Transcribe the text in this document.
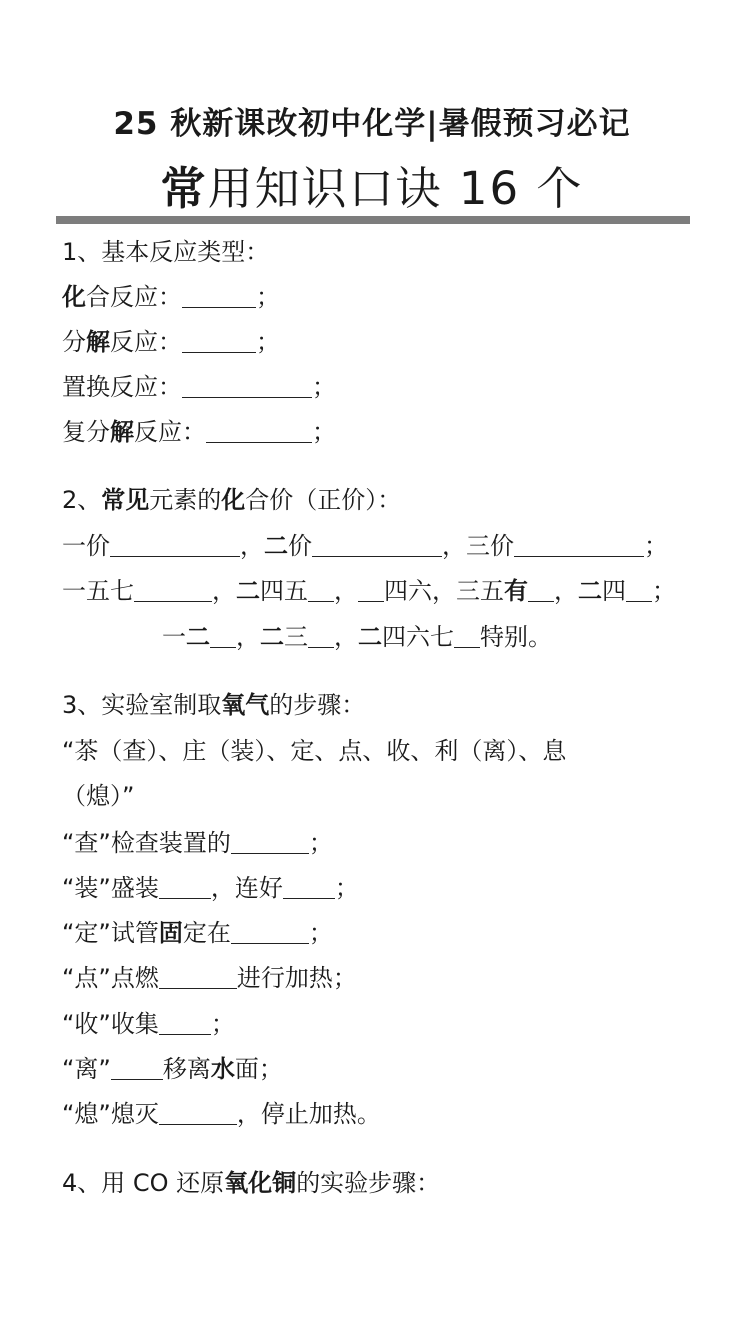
25 秋新课改初中化学|暑假预习必记
常用知识口诀 16 个
1、基本反应类型：
化合反应：	；
分解反应：	；
置换反应：	；
复分解反应：	；
2、常见元素的化合价（正价）：
一价	，二价	，三价	；
一五七	，二四五 ， 四六，三五有 ，二四 ；
一二 ，二三 ，二四六七 特别。
3、实验室制取氧气的步骤：
“茶（查）、庄（装）、定、点、收、利（离）、息
（熄）”
“查”检查装置的	；
“装”盛装 ，连好 ；
“定”试管固定在	；
“点”点燃	进行加热；
“收”收集 ；
“离” 移离水面；
“熄”熄灭	，停止加热。
4、用 CO 还原氧化铜的实验步骤：
